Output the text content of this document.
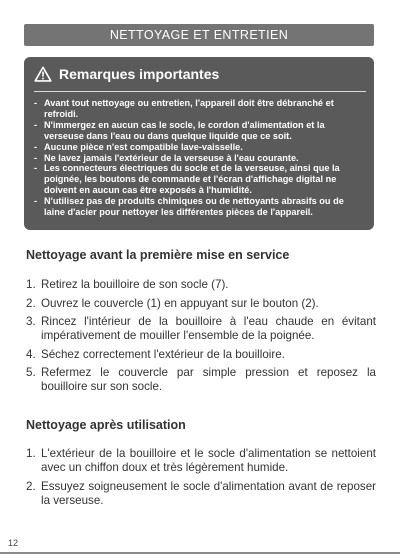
NETTOYAGE ET ENTRETIEN
Remarques importantes
- Avant tout nettoyage ou entretien, l'appareil doit être débranché et refroidi.
- N'immergez en aucun cas le socle, le cordon d'alimentation et la verseuse dans l'eau ou dans quelque liquide que ce soit.
- Aucune pièce n'est compatible lave-vaisselle.
- Ne lavez jamais l'extérieur de la verseuse à l'eau courante.
- Les connecteurs électriques du socle et de la verseuse, ainsi que la poignée, les boutons de commande et l'écran d'affichage digital ne doivent en aucun cas être exposés à l'humidité.
- N'utilisez pas de produits chimiques ou de nettoyants abrasifs ou de laine d'acier pour nettoyer les différentes pièces de l'appareil.
Nettoyage avant la première mise en service
1. Retirez la bouilloire de son socle (7).
2. Ouvrez le couvercle (1) en appuyant sur le bouton (2).
3. Rincez l'intérieur de la bouilloire à l'eau chaude en évitant impérativement de mouiller l'ensemble de la poignée.
4. Séchez correctement l'extérieur de la bouilloire.
5. Refermez le couvercle par simple pression et reposez la bouilloire sur son socle.
Nettoyage après utilisation
1. L'extérieur de la bouilloire et le socle d'alimentation se nettoient avec un chiffon doux et très légèrement humide.
2. Essuyez soigneusement le socle d'alimentation avant de reposer la verseuse.
12
